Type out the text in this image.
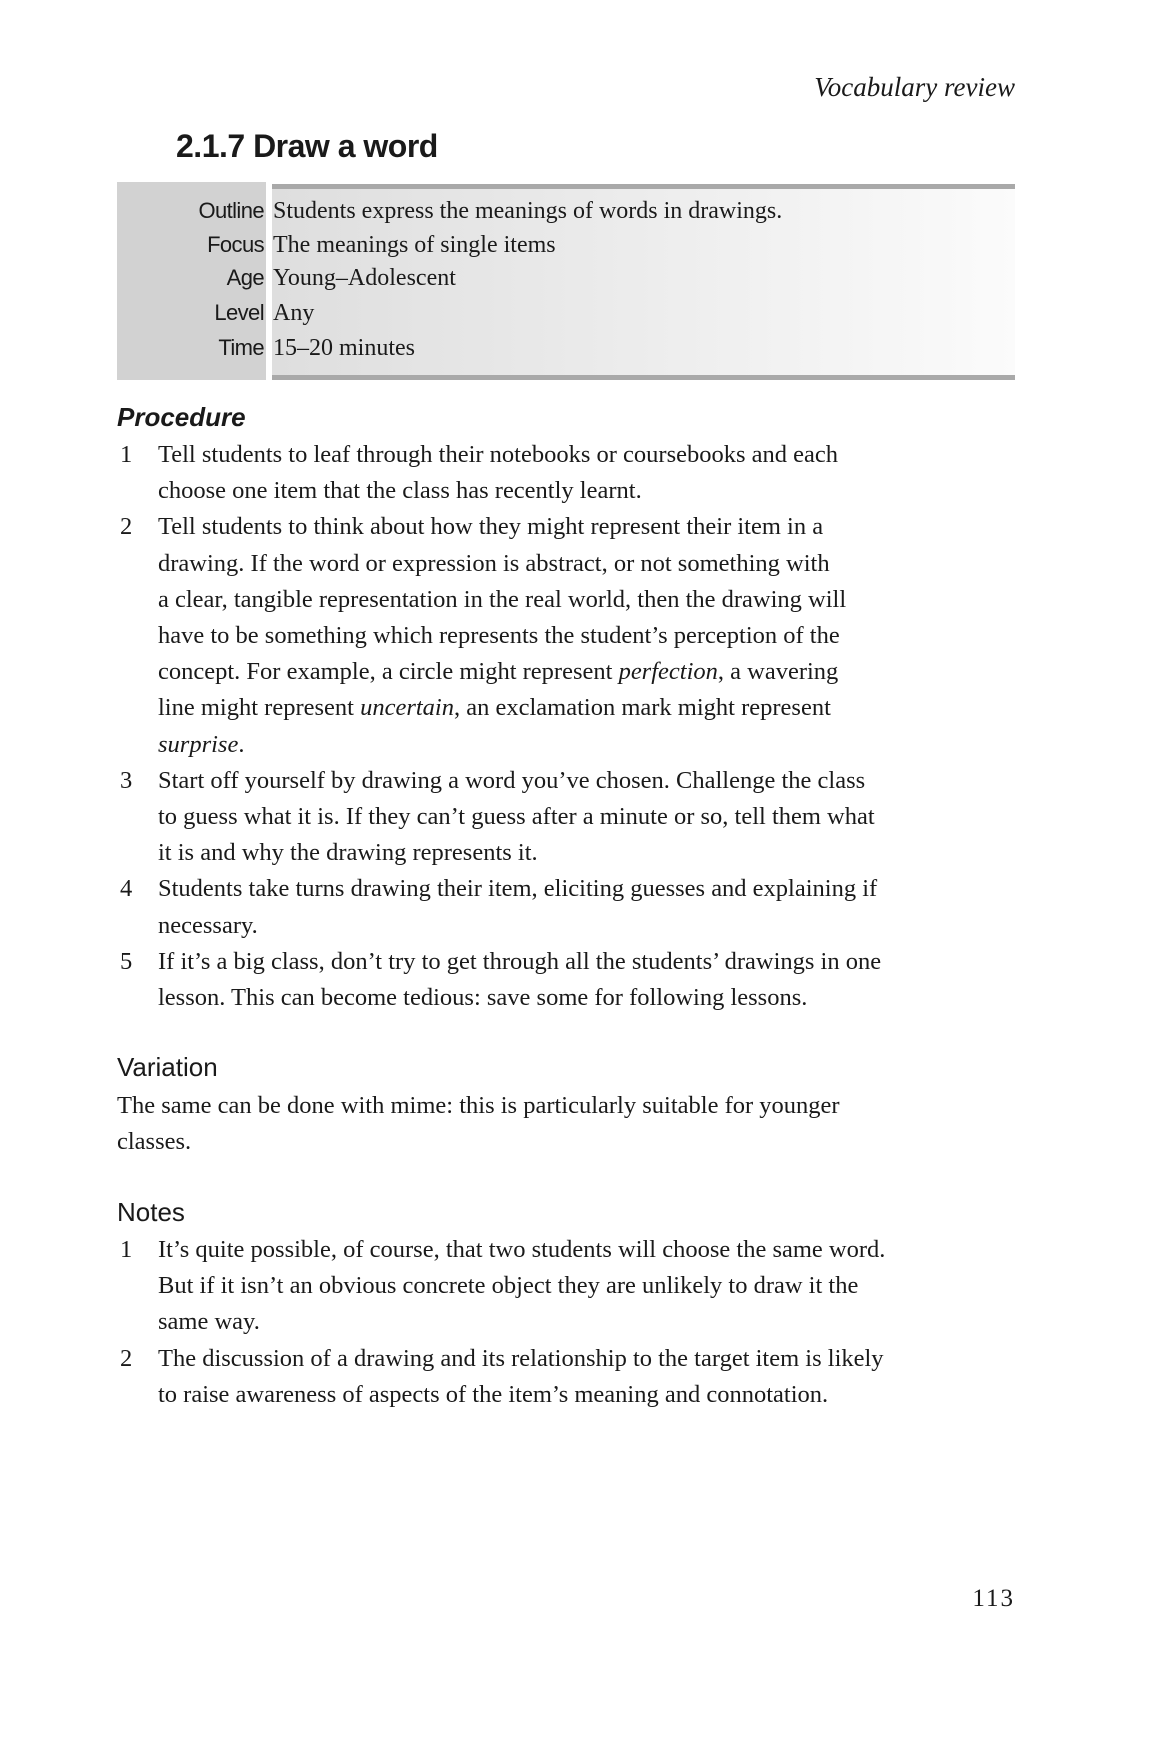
Vocabulary review
2.1.7 Draw a word
Outline Students express the meanings of words in drawings.
Focus The meanings of single items
Age Young–Adolescent
Level Any
Time 15–20 minutes
Procedure
1 Tell students to leaf through their notebooks or coursebooks and each
choose one item that the class has recently learnt.
2 Tell students to think about how they might represent their item in a
drawing. If the word or expression is abstract, or not something with
a clear, tangible representation in the real world, then the drawing will
have to be something which represents the student’s perception of the
concept. For example, a circle might represent perfection, a wavering
line might represent uncertain, an exclamation mark might represent
surprise.
3 Start off yourself by drawing a word you’ve chosen. Challenge the class
to guess what it is. If they can’t guess after a minute or so, tell them what
it is and why the drawing represents it.
4 Students take turns drawing their item, eliciting guesses and explaining if
necessary.
5 If it’s a big class, don’t try to get through all the students’ drawings in one
lesson. This can become tedious: save some for following lessons.
Variation
The same can be done with mime: this is particularly suitable for younger
classes.
Notes
1 It’s quite possible, of course, that two students will choose the same word.
But if it isn’t an obvious concrete object they are unlikely to draw it the
same way.
2 The discussion of a drawing and its relationship to the target item is likely
to raise awareness of aspects of the item’s meaning and connotation.
113
